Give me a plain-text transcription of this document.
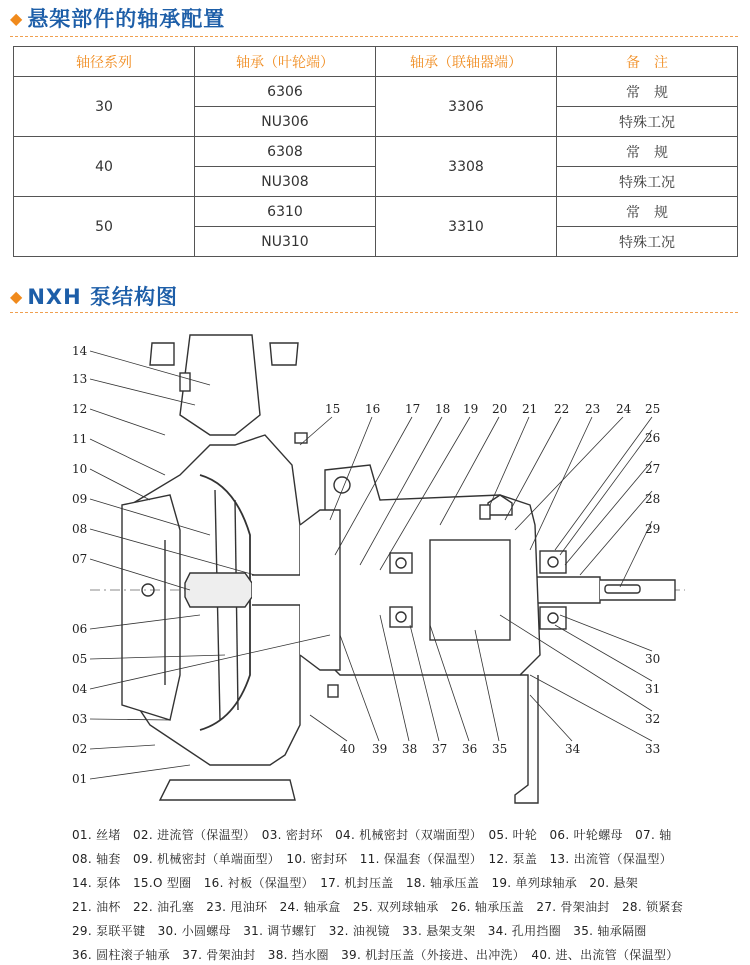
◆ 悬架部件的轴承配置
轴径系列	轴承（叶轮端）	轴承（联轴器端）	备　注
30	6306	3306	常　规
	NU306		特殊工况
40	6308	3308	常　规
	NU308		特殊工况
50	6310	3310	常　规
	NU310		特殊工况
◆ NXH 泵结构图
01
02
03
04
05
06
07
08
09
10
11
12
13
14
15 16 17 18 19 20 21 22 23 24 25
26
27
28
29
30
31
32
33
34
35
36
37
38
39
40
01. 丝堵　02. 进流管（保温型）　03. 密封环　04. 机械密封（双端面型）　05. 叶轮　06. 叶轮螺母　07. 轴
08. 轴套　09. 机械密封（单端面型）　10. 密封环　11. 保温套（保温型）　12. 泵盖　13. 出流管（保温型）
14. 泵体　15.O 型圈　16. 衬板（保温型）　17. 机封压盖　18. 轴承压盖　19. 单列球轴承　20. 悬架
21. 油杯　22. 油孔塞　23. 甩油环　24. 轴承盒　25. 双列球轴承　26. 轴承压盖　27. 骨架油封　28. 锁紧套
29. 泵联平键　30. 小圆螺母　31. 调节螺钉　32. 油视镜　33. 悬架支架　34. 孔用挡圈　35. 轴承隔圈
36. 圆柱滚子轴承　37. 骨架油封　38. 挡水圈　39. 机封压盖（外接进、出冲洗）　40. 进、出流管（保温型）
